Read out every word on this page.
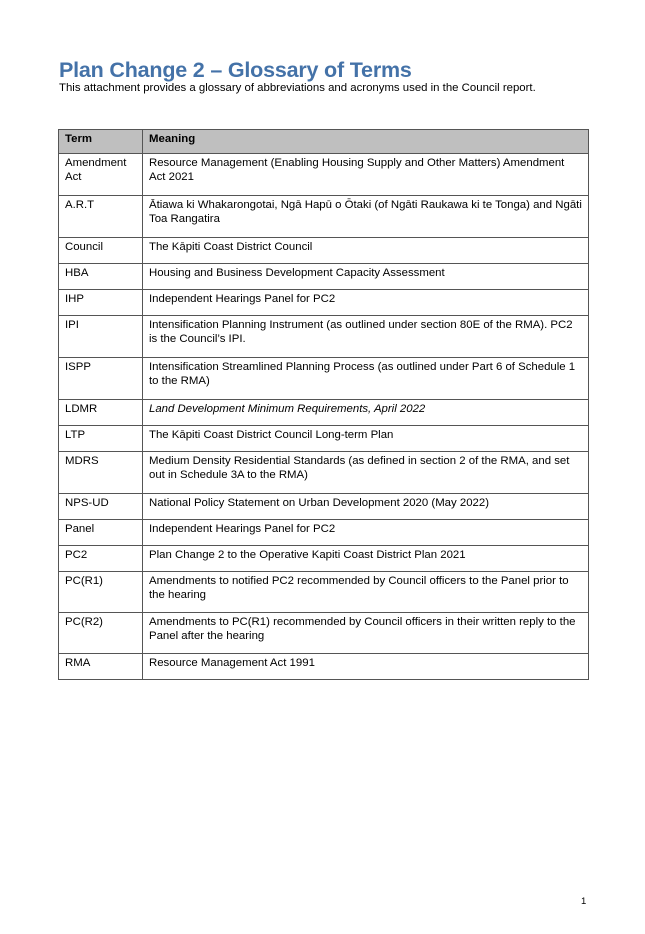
Plan Change 2 – Glossary of Terms

This attachment provides a glossary of abbreviations and acronyms used in the Council report.

Term	Meaning
Amendment Act	Resource Management (Enabling Housing Supply and Other Matters) Amendment Act 2021
A.R.T	Ātiawa ki Whakarongotai, Ngā Hapū o Ōtaki (of Ngāti Raukawa ki te Tonga) and Ngāti Toa Rangatira
Council	The Kāpiti Coast District Council
HBA	Housing and Business Development Capacity Assessment
IHP	Independent Hearings Panel for PC2
IPI	Intensification Planning Instrument (as outlined under section 80E of the RMA). PC2 is the Council’s IPI.
ISPP	Intensification Streamlined Planning Process (as outlined under Part 6 of Schedule 1 to the RMA)
LDMR	Land Development Minimum Requirements, April 2022
LTP	The Kāpiti Coast District Council Long-term Plan
MDRS	Medium Density Residential Standards (as defined in section 2 of the RMA, and set out in Schedule 3A to the RMA)
NPS-UD	National Policy Statement on Urban Development 2020 (May 2022)
Panel	Independent Hearings Panel for PC2
PC2	Plan Change 2 to the Operative Kapiti Coast District Plan 2021
PC(R1)	Amendments to notified PC2 recommended by Council officers to the Panel prior to the hearing
PC(R2)	Amendments to PC(R1) recommended by Council officers in their written reply to the Panel after the hearing
RMA	Resource Management Act 1991
1
